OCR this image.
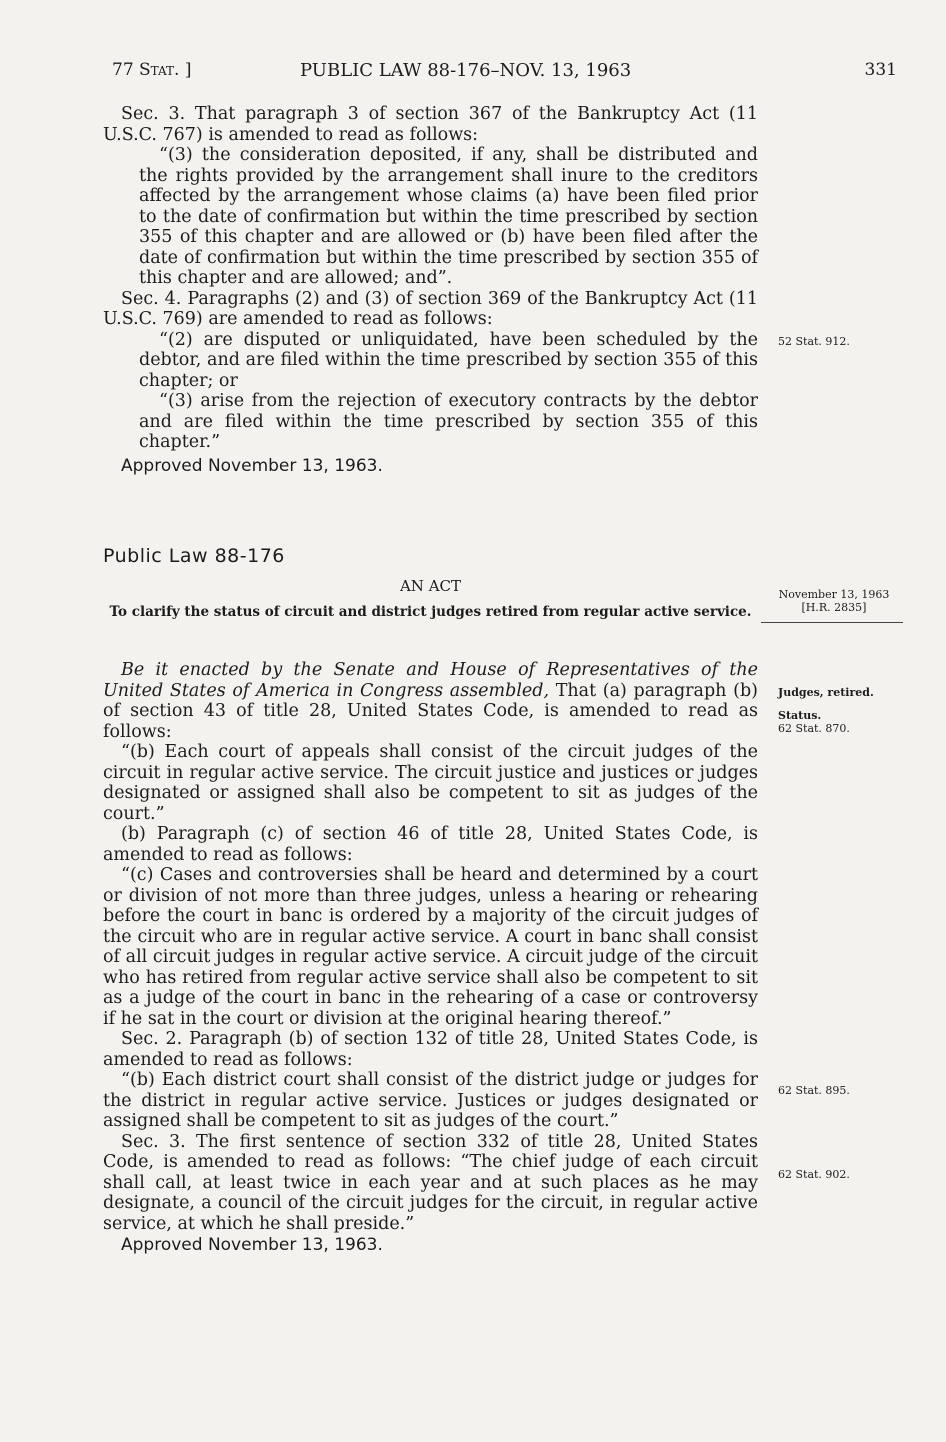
77 Stat. ]	PUBLIC LAW 88-176–NOV. 13, 1963	331

Sec. 3. That paragraph 3 of section 367 of the Bankruptcy Act (11 U.S.C. 767) is amended to read as follows:

“(3) the consideration deposited, if any, shall be distributed and the rights provided by the arrangement shall inure to the creditors affected by the arrangement whose claims (a) have been filed prior to the date of confirmation but within the time prescribed by section 355 of this chapter and are allowed or (b) have been filed after the date of confirmation but within the time prescribed by section 355 of this chapter and are allowed; and”.

Sec. 4. Paragraphs (2) and (3) of section 369 of the Bankruptcy Act (11 U.S.C. 769) are amended to read as follows:

“(2) are disputed or unliquidated, have been scheduled by the debtor, and are filed within the time prescribed by section 355 of this chapter; or

“(3) arise from the rejection of executory contracts by the debtor and are filed within the time prescribed by section 355 of this chapter.”

Approved November 13, 1963.

Public Law 88-176
AN ACT
To clarify the status of circuit and district judges retired from regular active service.

Be it enacted by the Senate and House of Representatives of the United States of America in Congress assembled, That (a) paragraph (b) of section 43 of title 28, United States Code, is amended to read as follows:

“(b) Each court of appeals shall consist of the circuit judges of the circuit in regular active service. The circuit justice and justices or judges designated or assigned shall also be competent to sit as judges of the court.”

(b) Paragraph (c) of section 46 of title 28, United States Code, is amended to read as follows:

“(c) Cases and controversies shall be heard and determined by a court or division of not more than three judges, unless a hearing or rehearing before the court in banc is ordered by a majority of the circuit judges of the circuit who are in regular active service. A court in banc shall consist of all circuit judges in regular active service. A circuit judge of the circuit who has retired from regular active service shall also be competent to sit as a judge of the court in banc in the rehearing of a case or controversy if he sat in the court or division at the original hearing thereof.”

Sec. 2. Paragraph (b) of section 132 of title 28, United States Code, is amended to read as follows:

“(b) Each district court shall consist of the district judge or judges for the district in regular active service. Justices or judges designated or assigned shall be competent to sit as judges of the court.”

Sec. 3. The first sentence of section 332 of title 28, United States Code, is amended to read as follows: “The chief judge of each circuit shall call, at least twice in each year and at such places as he may designate, a council of the circuit judges for the circuit, in regular active service, at which he shall preside.”

Approved November 13, 1963.

52 Stat. 912.
November 13, 1963
[H.R. 2835]
Judges, retired.
Status.
62 Stat. 870.
62 Stat. 895.
62 Stat. 902.
